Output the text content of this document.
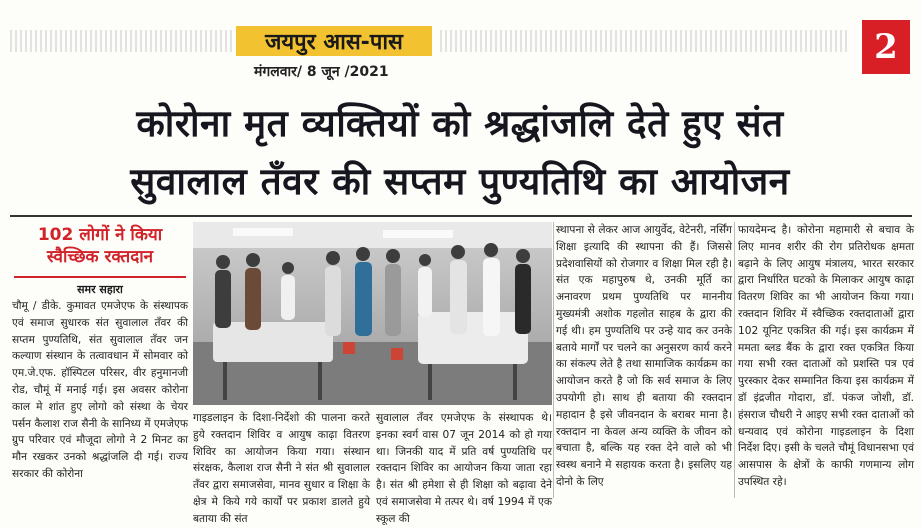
जयपुर आस-पास
मंगलवार/ 8 जून /2021
2
कोरोना मृत व्यक्तियों को श्रद्धांजलि देते हुए संत
सुवालाल तँवर की सप्तम पुण्यतिथि का आयोजन
102 लोगों ने किया
स्वैच्छिक रक्तदान
समर सहारा
चौमू / डीके. कुमावत एमजेएफ के संस्थापक एवं समाज सुधारक संत सुवालाल तँवर की सप्तम पुण्यतिथि, संत सुवालाल तँवर जन कल्याण संस्थान के तत्वावधान में सोमवार को एम.जे.एफ. हॉस्पिटल परिसर, वीर हनुमानजी रोड, चौमूं में मनाई गई। इस अवसर कोरोना काल मे शांत हुए लोगो को संस्था के चेयर पर्सन कैलाश राज सैनी के सानिध्य में एमजेएफ ग्रुप परिवार एवं मौजूदा लोगो ने 2 मिनट का मौन रखकर उनको श्रद्धांजलि दी गई। राज्य सरकार की कोरोना
गाइडलाइन के दिशा-निर्देशो की पालना करते हुये रक्तदान शिविर व आयुष काढ़ा वितरण शिविर का आयोजन किया गया। संस्थान संरक्षक, कैलाश राज सैनी ने संत श्री सुवालाल तँवर द्वारा समाजसेवा, मानव सुधार व शिक्षा के क्षेत्र मे किये गये कार्यों पर प्रकाश डालते हुये बताया की संत
सुवालाल तँवर एमजेएफ के संस्थापक थे। इनका स्वर्ग वास 07 जून 2014 को हो गया था। जिनकी याद में प्रति वर्ष पुण्यतिथि पर रक्तदान शिविर का आयोजन किया जाता रहा है। संत श्री हमेशा से ही शिक्षा को बढ़ावा देने एवं समाजसेवा मे तत्पर थे। वर्ष 1994 में एक स्कूल की
स्थापना से लेकर आज आयुर्वेद, वेटेनरी, नर्सिंग शिक्षा इत्यादि की स्थापना की हैं। जिससे प्रदेशवासियों को रोजगार व शिक्षा मिल रही है। संत एक महापुरुष थे, उनकी मूर्ति का अनावरण प्रथम पुण्यतिथि पर माननीय मुख्यमंत्री अशोक गहलोत साहब के द्वारा की गई थी। हम पुण्यतिथि पर उन्हे याद कर उनके बताये मार्गों पर चलने का अनुसरण कार्य करने का संकल्प लेते है तथा सामाजिक कार्यक्रम का आयोजन करते है जो कि सर्व समाज के लिए उपयोगी हो। साथ ही बताया की रक्तदान महादान है इसे जीवनदान के बराबर माना है। रक्तदान ना केवल अन्य व्यक्ति के जीवन को बचाता है, बल्कि यह रक्त देने वाले को भी स्वस्थ बनाने मे सहायक करता है। इसलिए यह दोनो के लिए
फायदेमन्द है। कोरोना महामारी से बचाव के लिए मानव शरीर की रोग प्रतिरोधक क्षमता बढ़ाने के लिए आयुष मंत्रालय, भारत सरकार द्वारा निर्धारित घटको के मिलाकर आयुष काढ़ा वितरण शिविर का भी आयोजन किया गया। रक्तदान शिविर में स्वैच्छिक रक्तदाताओं द्वारा 102 यूनिट एकत्रित की गई। इस कार्यक्रम में ममता ब्लड बैंक के द्वारा रक्त एकत्रित किया गया सभी रक्त दाताओं को प्रशस्ति पत्र एवं पुरस्कार देकर सम्मानित किया इस कार्यक्रम में डॉ इंद्रजीत गोदारा, डॉ. पंकज जोशी, डॉ. हंसराज चौधरी ने आइए सभी रक्त दाताओं को धन्यवाद एवं कोरोना गाइडलाइन के दिशा निर्देश दिए। इसी के चलते चौमूं विधानसभा एवं आसपास के क्षेत्रों के काफी गणमान्य लोग उपस्थित रहे।
